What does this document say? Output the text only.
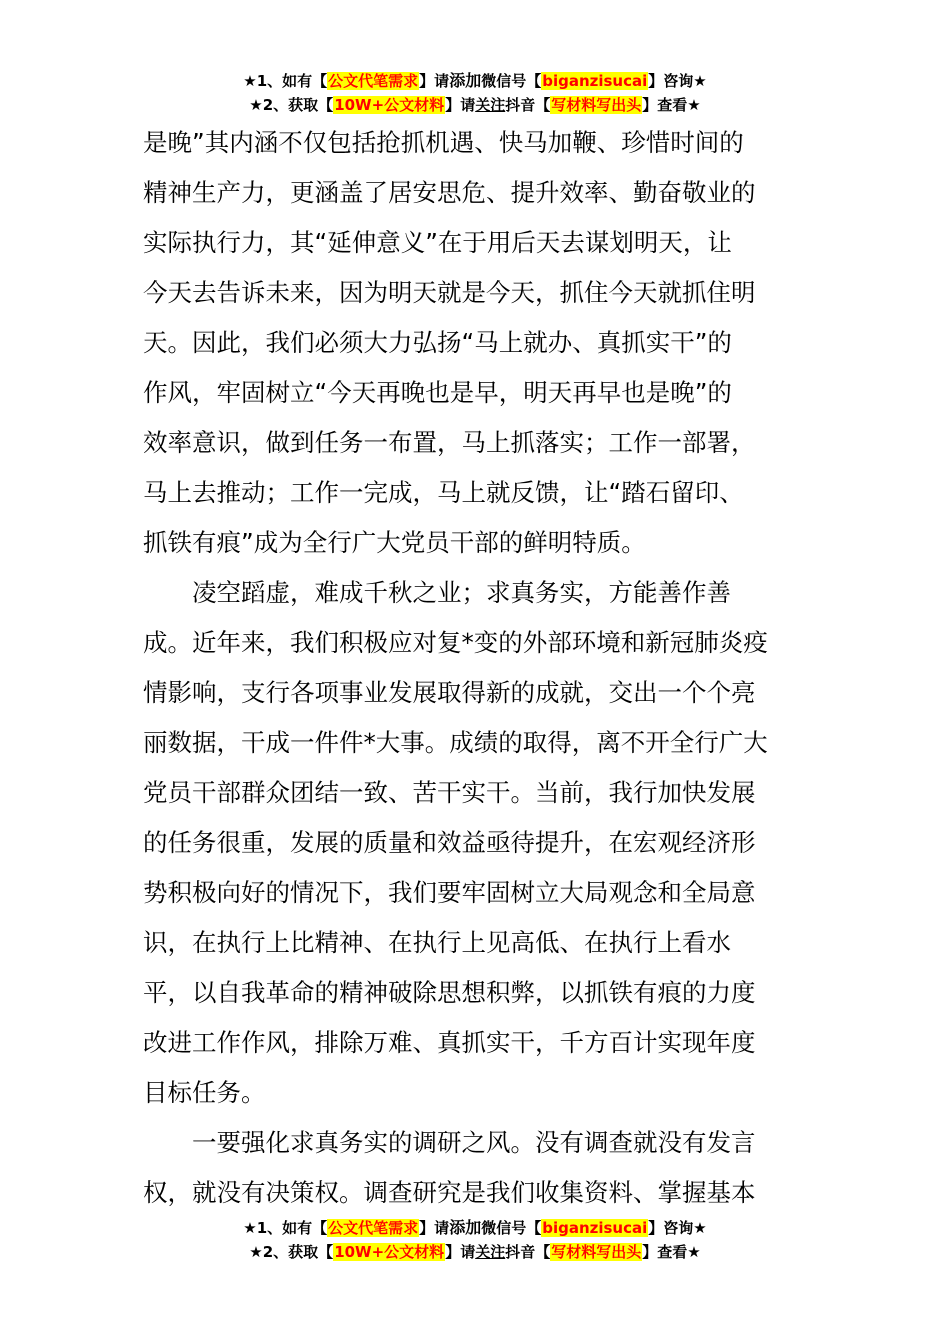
★1、如有【公文代笔需求】请添加微信号【biganzisucai】咨询★
★2、获取【10W+公文材料】请关注抖音【写材料写出头】查看★
是晚”其内涵不仅包括抢抓机遇、快马加鞭、珍惜时间的
精神生产力，更涵盖了居安思危、提升效率、勤奋敬业的
实际执行力，其“延伸意义”在于用后天去谋划明天，让
今天去告诉未来，因为明天就是今天，抓住今天就抓住明
天。因此，我们必须大力弘扬“马上就办、真抓实干”的
作风，牢固树立“今天再晚也是早，明天再早也是晚”的
效率意识，做到任务一布置，马上抓落实；工作一部署，
马上去推动；工作一完成，马上就反馈，让“踏石留印、
抓铁有痕”成为全行广大党员干部的鲜明特质。
　　凌空蹈虚，难成千秋之业；求真务实，方能善作善
成。近年来，我们积极应对复*变的外部环境和新冠肺炎疫
情影响，支行各项事业发展取得新的成就，交出一个个亮
丽数据，干成一件件*大事。成绩的取得，离不开全行广大
党员干部群众团结一致、苦干实干。当前，我行加快发展
的任务很重，发展的质量和效益亟待提升，在宏观经济形
势积极向好的情况下，我们要牢固树立大局观念和全局意
识，在执行上比精神、在执行上见高低、在执行上看水
平，以自我革命的精神破除思想积弊，以抓铁有痕的力度
改进工作作风，排除万难、真抓实干，千方百计实现年度
目标任务。
　　一要强化求真务实的调研之风。没有调查就没有发言
权，就没有决策权。调查研究是我们收集资料、掌握基本
★1、如有【公文代笔需求】请添加微信号【biganzisucai】咨询★
★2、获取【10W+公文材料】请关注抖音【写材料写出头】查看★
